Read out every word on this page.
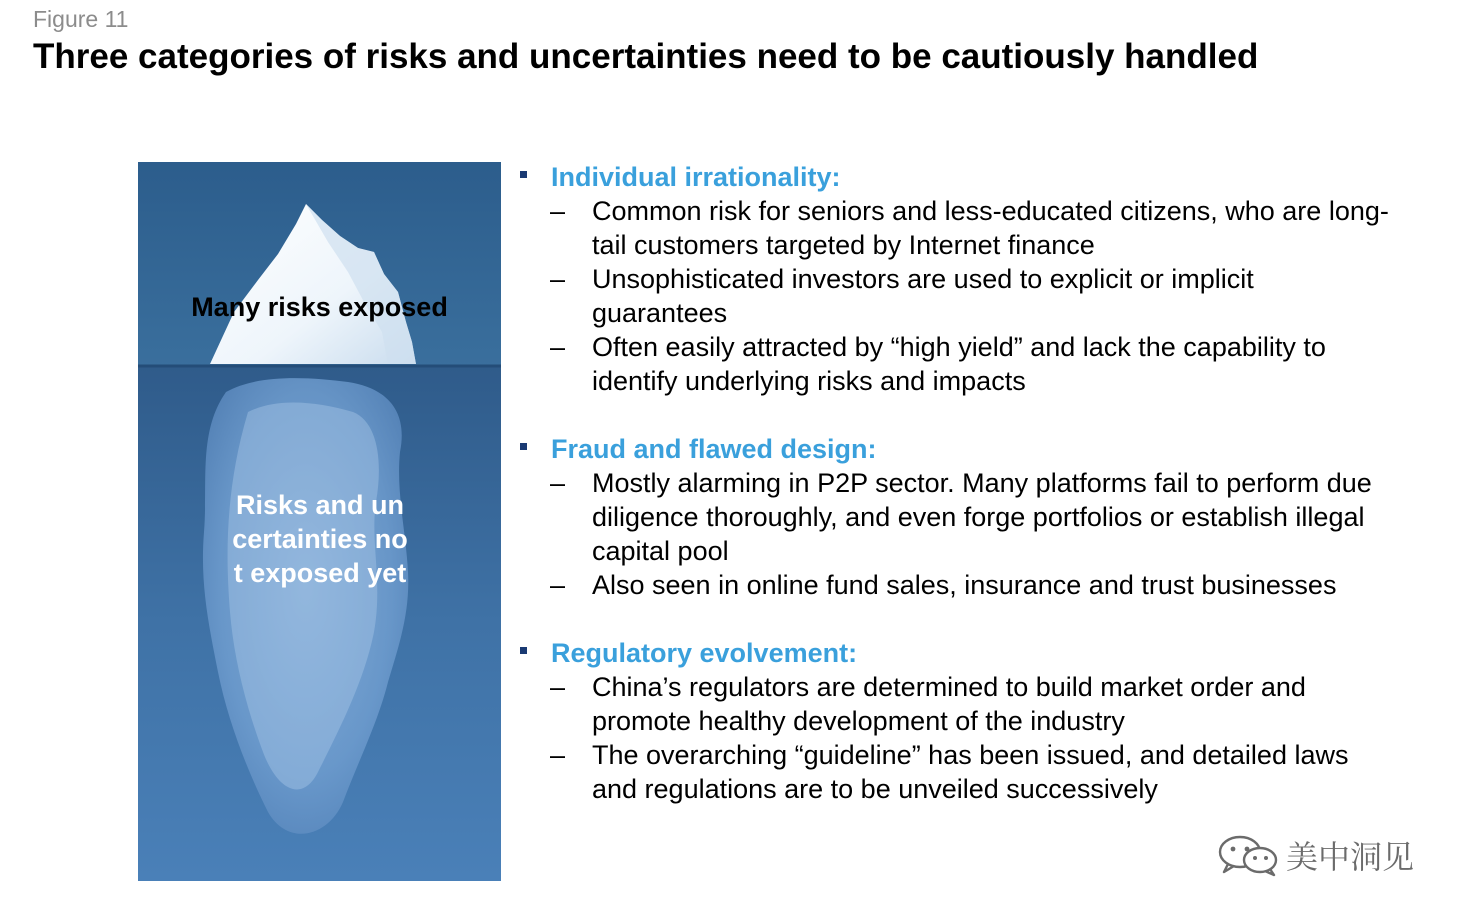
Figure 11
Three categories of risks and uncertainties need to be cautiously handled
Many risks exposed
Risks and uncertainties not exposed yet
Individual irrationality:
– Common risk for seniors and less-educated citizens, who are long-tail customers targeted by Internet finance
– Unsophisticated investors are used to explicit or implicit guarantees
– Often easily attracted by “high yield” and lack the capability to identify underlying risks and impacts
Fraud and flawed design:
– Mostly alarming in P2P sector. Many platforms fail to perform due diligence thoroughly, and even forge portfolios or establish illegal capital pool
– Also seen in online fund sales, insurance and trust businesses
Regulatory evolvement:
– China’s regulators are determined to build market order and promote healthy development of the industry
– The overarching “guideline” has been issued, and detailed laws and regulations are to be unveiled successively
美中洞见
